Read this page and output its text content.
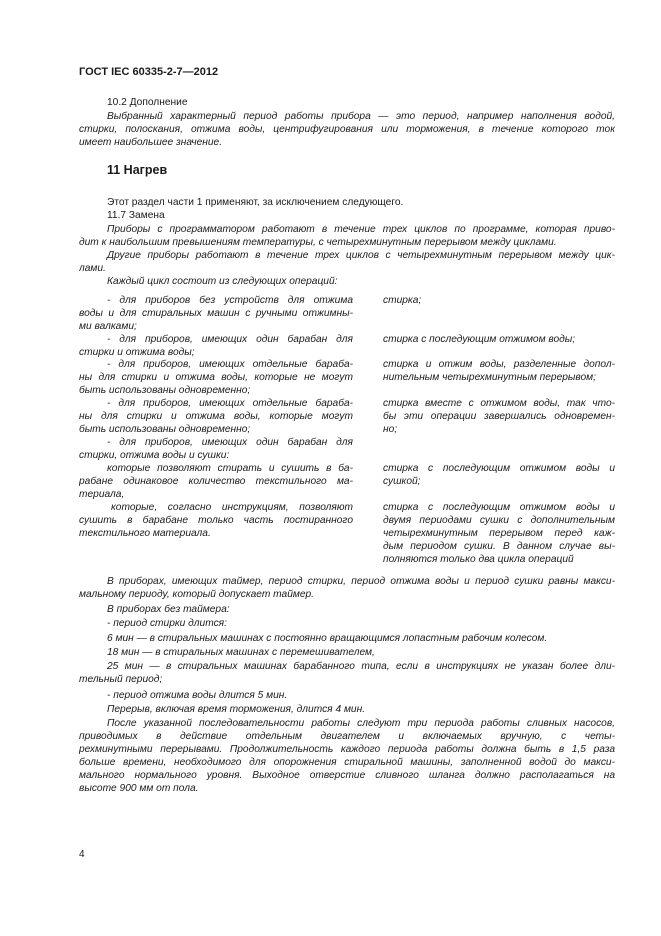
ГОСТ IEC 60335-2-7—2012
10.2 Дополнение
Выбранный характерный период работы прибора — это период, например наполнения водой,
стирки, полоскания, отжима воды, центрифугирования или торможения, в течение которого ток
имеет наибольшее значение.
11 Нагрев
Этот раздел части 1 применяют, за исключением следующего.
11.7 Замена
Приборы с программатором работают в течение трех циклов по программе, которая приво-
дит к наибольшим превышениям температуры, с четырехминутным перерывом между циклами.
Другие приборы работают в течение трех циклов с четырехминутным перерывом между цик-
лами.
Каждый цикл состоит из следующих операций:
- для приборов без устройств для отжима
воды и для стиральных машин с ручными отжимны-
ми валками;
стирка;
- для приборов, имеющих один барабан для
стирки и отжима воды;
стирка с последующим отжимом воды;
- для приборов, имеющих отдельные бараба-
ны для стирки и отжима воды, которые не могут
быть использованы одновременно;
стирка и отжим воды, разделенные допол-
нительным четырехминутным перерывом;
- для приборов, имеющих отдельные бараба-
ны для стирки и отжима воды, которые могут
быть использованы одновременно;
стирка вместе с отжимом воды, так что-
бы эти операции завершались одновремен-
но;
- для приборов, имеющих один барабан для
стирки, отжима воды и сушки:
которые позволяют стирать и сушить в ба-
рабане одинаковое количество текстильного ма-
териала,
стирка с последующим отжимом воды и
сушкой;
которые, согласно инструкциям, позволяют
сушить в барабане только часть постиранного
текстильного материала.
стирка с последующим отжимом воды и
двумя периодами сушки с дополнительным
четырехминутным перерывом перед каж-
дым периодом сушки. В данном случае вы-
полняются только два цикла операций
В приборах, имеющих таймер, период стирки, период отжима воды и период сушки равны макси-
мальному периоду, который допускает таймер.
В приборах без таймера:
- период стирки длится:
6 мин — в стиральных машинах с постоянно вращающимся лопастным рабочим колесом.
18 мин — в стиральных машинах с перемешивателем,
25 мин — в стиральных машинах барабанного типа, если в инструкциях не указан более дли-
тельный период;
- период отжима воды длится 5 мин.
Перерыв, включая время торможения, длится 4 мин.
После указанной последовательности работы следуют три периода работы сливных насосов,
приводимых в действие отдельным двигателем и включаемых вручную, с четы-
рехминутными перерывами. Продолжительность каждого периода работы должна быть в 1,5 раза
больше времени, необходимого для опорожнения стиральной машины, заполненной водой до макси-
мального нормального уровня. Выходное отверстие сливного шланга должно располагаться на
высоте 900 мм от пола.
4
